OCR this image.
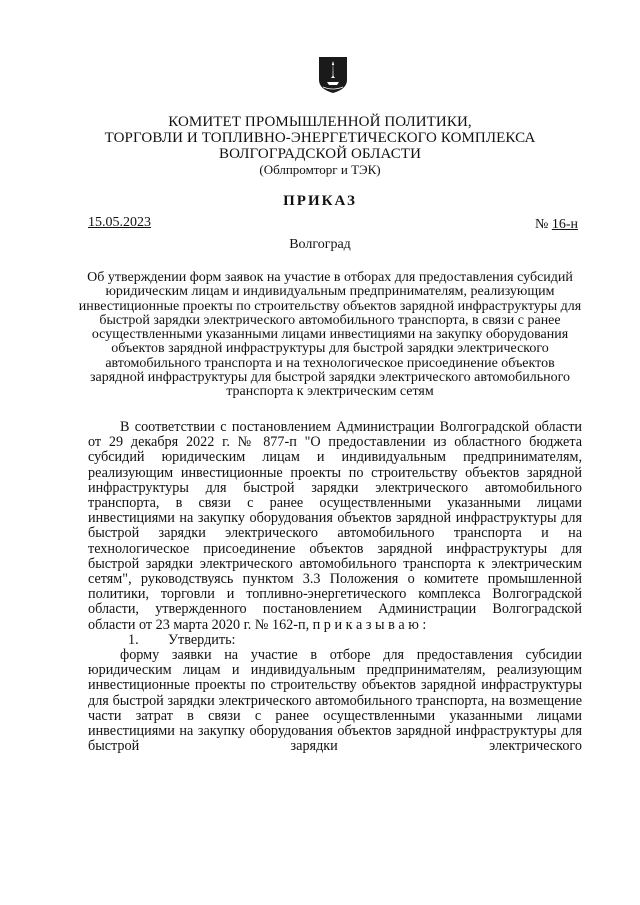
КОМИТЕТ ПРОМЫШЛЕННОЙ ПОЛИТИКИ,
ТОРГОВЛИ И ТОПЛИВНО-ЭНЕРГЕТИЧЕСКОГО КОМПЛЕКСА
ВОЛГОГРАДСКОЙ ОБЛАСТИ
(Облпромторг и ТЭК)
ПРИКАЗ
15.05.2023	№ 16-н
Волгоград
Об утверждении форм заявок на участие в отборах для предоставления субсидий юридическим лицам и индивидуальным предпринимателям, реализующим инвестиционные проекты по строительству объектов зарядной инфраструктуры для быстрой зарядки электрического автомобильного транспорта, в связи с ранее осуществленными указанными лицами инвестициями на закупку оборудования объектов зарядной инфраструктуры для быстрой зарядки электрического автомобильного транспорта и на технологическое присоединение объектов зарядной инфраструктуры для быстрой зарядки электрического автомобильного транспорта к электрическим сетям

В соответствии с постановлением Администрации Волгоградской области от 29 декабря 2022 г. № 877-п "О предоставлении из областного бюджета субсидий юридическим лицам и индивидуальным предпринимателям, реализующим инвестиционные проекты по строительству объектов зарядной инфраструктуры для быстрой зарядки электрического автомобильного транспорта, в связи с ранее осуществленными указанными лицами инвестициями на закупку оборудования объектов зарядной инфраструктуры для быстрой зарядки электрического автомобильного транспорта и на технологическое присоединение объектов зарядной инфраструктуры для быстрой зарядки электрического автомобильного транспорта к электрическим сетям", руководствуясь пунктом 3.3 Положения о комитете промышленной политики, торговли и топливно-энергетического комплекса Волгоградской области, утвержденного постановлением Администрации Волгоградской области от 23 марта 2020 г. № 162-п, п р и к а з ы в а ю :

1. Утвердить:

форму заявки на участие в отборе для предоставления субсидии юридическим лицам и индивидуальным предпринимателям, реализующим инвестиционные проекты по строительству объектов зарядной инфраструктуры для быстрой зарядки электрического автомобильного транспорта, на возмещение части затрат в связи с ранее осуществленными указанными лицами инвестициями на закупку оборудования объектов зарядной инфраструктуры для быстрой зарядки электрического
